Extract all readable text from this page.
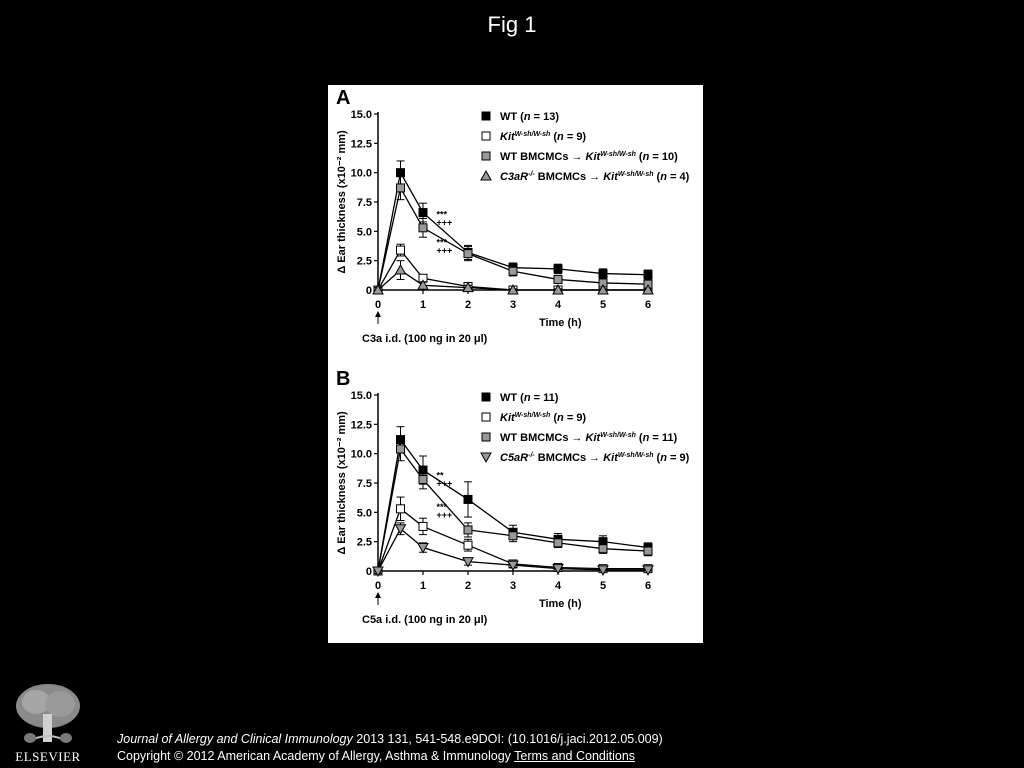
Fig 1
A
0
2.5
5.0
7.5
10.0
12.5
15.0
0	1	2	3	4	5	6
Δ Ear thickness (x10⁻² mm)
Time (h)
C3a i.d. (100 ng in 20 μl)
WT (n = 13)
Kit$^{W-sh/W-sh}$ (n = 9)
WT BMCMCs → Kit$^{W-sh/W-sh}$ (n = 10)
C3aR-/- BMCMCs → Kit$^{W-sh/W-sh}$ (n = 4)
***
+++
***
+++
B
0
2.5
5.0
7.5
10.0
12.5
15.0
0	1	2	3	4	5	6
Δ Ear thickness (x10⁻² mm)
Time (h)
C5a i.d. (100 ng in 20 μl)
WT (n = 11)
Kit$^{W-sh/W-sh}$ (n = 9)
WT BMCMCs → Kit$^{W-sh/W-sh}$ (n = 11)
C5aR-/- BMCMCs → Kit$^{W-sh/W-sh}$ (n = 9)
**
+++
***
+++
ELSEVIER
Journal of Allergy and Clinical Immunology 2013 131, 541-548.e9DOI: (10.1016/j.jaci.2012.05.009)
Copyright © 2012 American Academy of Allergy, Asthma & Immunology Terms and Conditions
